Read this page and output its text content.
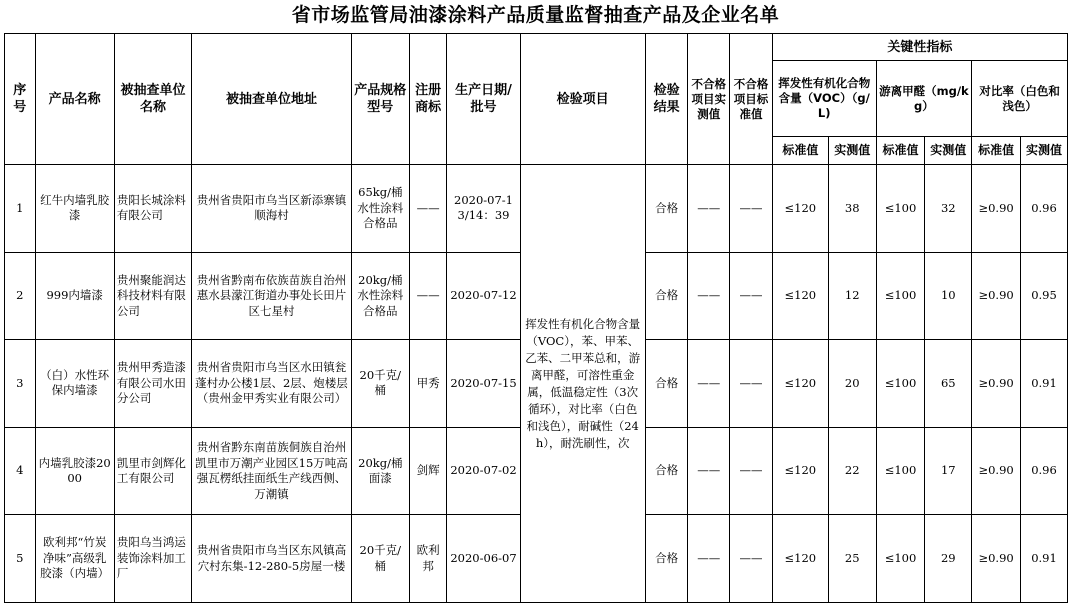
省市场监管局油漆涂料产品质量监督抽查产品及企业名单
序号	产品名称	被抽查单位名称	被抽查单位地址	产品规格型号	注册商标	生产日期/批号	检验项目	检验结果	不合格项目实测值	不合格项目标准值	关键性指标					
											挥发性有机化合物含量（VOC）（g/L)		游离甲醛（mg/kg）		对比率（白色和浅色）	
											标准值	实测值	标准值	实测值	标准值	实测值
1	红牛内墙乳胶漆	贵阳长城涂料有限公司	贵州省贵阳市乌当区新添寨镇顺海村	65kg/桶水性涂料 合格品	——	2020-07-13/14：39	挥发性有机化合物含量（VOC），苯、甲苯、乙苯、二甲苯总和，游离甲醛，可溶性重金属，低温稳定性（3次循环），对比率（白色和浅色），耐碱性（24h），耐洗刷性，次	合格	——	——	≤120	38	≤100	32	≥0.90	0.96
2	999内墙漆	贵州聚能润达科技材料有限公司	贵州省黔南布依族苗族自治州惠水县濛江街道办事处长田片区七星村	20kg/桶水性涂料 合格品	——	2020-07-12		合格	——	——	≤120	12	≤100	10	≥0.90	0.95
3	（白）水性环保内墙漆	贵州甲秀造漆有限公司水田分公司	贵州省贵阳市乌当区水田镇瓮蓬村办公楼1层、2层、炮楼层（贵州金甲秀实业有限公司）	20千克/桶	甲秀	2020-07-15		合格	——	——	≤120	20	≤100	65	≥0.90	0.91
4	内墙乳胶漆2000	凯里市剑辉化工有限公司	贵州省黔东南苗族侗族自治州凯里市万潮产业园区15万吨高强瓦楞纸挂面纸生产线西侧、万潮镇	20kg/桶面漆	剑辉	2020-07-02		合格	——	——	≤120	22	≤100	17	≥0.90	0.96
5	欧利邦“竹炭净味”高级乳胶漆（内墙）	贵阳乌当鸿运装饰涂料加工厂	贵州省贵阳市乌当区东风镇高穴村东集-12-280-5房屋一楼	20千克/桶	欧利邦	2020-06-07		合格	——	——	≤120	25	≤100	29	≥0.90	0.91
